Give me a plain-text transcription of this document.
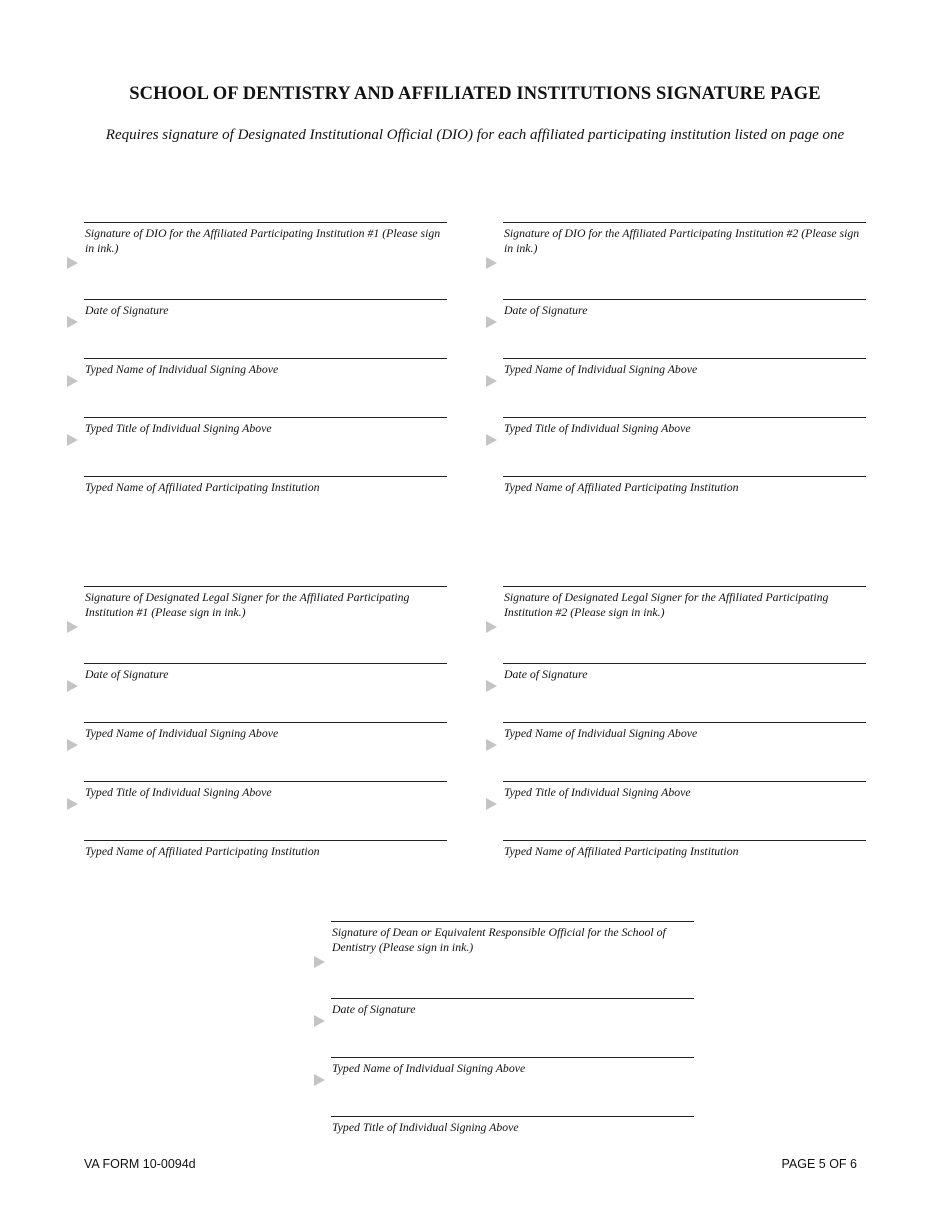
SCHOOL OF DENTISTRY AND AFFILIATED INSTITUTIONS SIGNATURE PAGE
Requires signature of Designated Institutional Official (DIO) for each affiliated participating institution listed on page one
Signature of DIO for the Affiliated Participating Institution #1 (Please sign in ink.)
Date of Signature
Typed Name of Individual Signing Above
Typed Title of Individual Signing Above
Typed Name of Affiliated Participating Institution
Signature of DIO for the Affiliated Participating Institution #2 (Please sign in ink.)
Date of Signature
Typed Name of Individual Signing Above
Typed Title of Individual Signing Above
Typed Name of Affiliated Participating Institution
Signature of Designated Legal Signer for the Affiliated Participating Institution #1 (Please sign in ink.)
Date of Signature
Typed Name of Individual Signing Above
Typed Title of Individual Signing Above
Typed Name of Affiliated Participating Institution
Signature of Designated Legal Signer for the Affiliated Participating Institution #2 (Please sign in ink.)
Date of Signature
Typed Name of Individual Signing Above
Typed Title of Individual Signing Above
Typed Name of Affiliated Participating Institution
Signature of Dean or Equivalent Responsible Official for the School of Dentistry (Please sign in ink.)
Date of Signature
Typed Name of Individual Signing Above
Typed Title of Individual Signing Above
VA FORM 10-0094d	PAGE 5 OF 6
